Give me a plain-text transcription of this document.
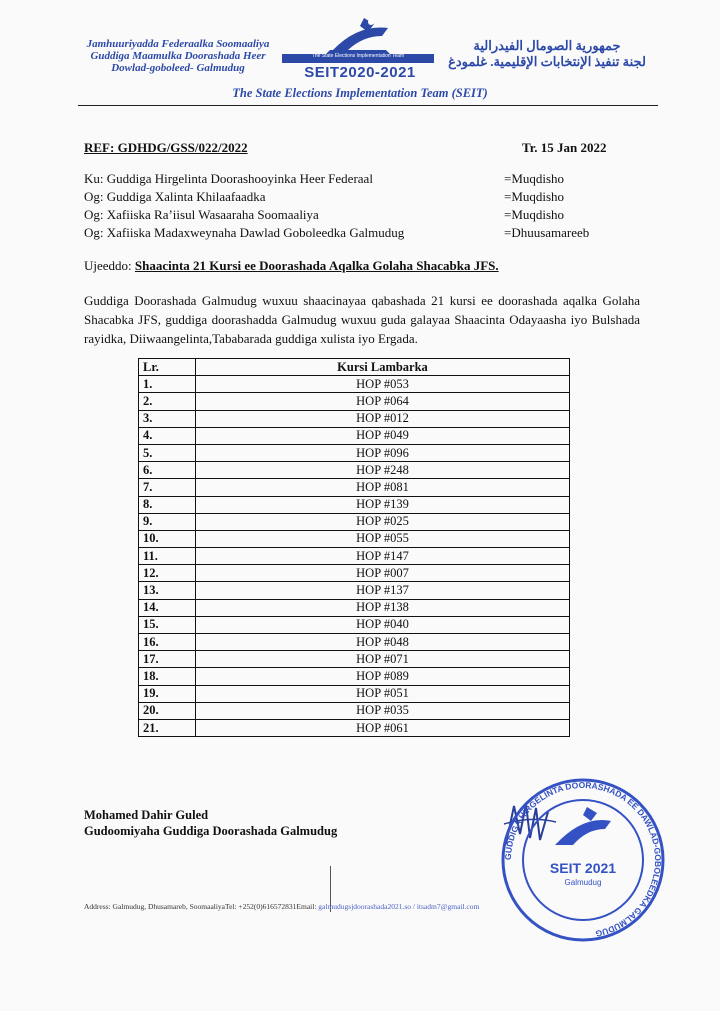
Jamhuuriyadda Federaalka Soomaaliya
Guddiga Maamulka Doorashada Heer
Dowlad-goboleed- Galmudug
The State Elections Implementation Team
SEIT2020-2021
جمهورية الصومال الفيدرالية
لجنة تنفيذ الإنتخابات الإقليمية. غلمودغ
The State Elections Implementation Team (SEIT)
REF: GDHDG/GSS/022/2022	Tr. 15 Jan 2022
Ku: Guddiga Hirgelinta Doorashooyinka Heer Federaal	=Muqdisho
Og: Guddiga Xalinta Khilaafaadka	=Muqdisho
Og: Xafiiska Ra’iisul Wasaaraha Soomaaliya	=Muqdisho
Og: Xafiiska Madaxweynaha Dawlad Goboleedka Galmudug	=Dhuusamareeb
Ujeeddo: Shaacinta 21 Kursi ee Doorashada Aqalka Golaha Shacabka JFS.
Guddiga Doorashada Galmudug wuxuu shaacinayaa qabashada 21 kursi ee doorashada aqalka Golaha Shacabka JFS, guddiga doorashadda Galmudug wuxuu guda galayaa Shaacinta Odayaasha iyo Bulshada rayidka, Diiwaangelinta,Tababarada guddiga xulista iyo Ergada.
Lr.	Kursi Lambarka
1.	HOP #053
2.	HOP #064
3.	HOP #012
4.	HOP #049
5.	HOP #096
6.	HOP #248
7.	HOP #081
8.	HOP #139
9.	HOP #025
10.	HOP #055
11.	HOP #147
12.	HOP #007
13.	HOP #137
14.	HOP #138
15.	HOP #040
16.	HOP #048
17.	HOP #071
18.	HOP #089
19.	HOP #051
20.	HOP #035
21.	HOP #061
Mohamed Dahir Guled
Gudoomiyaha Guddiga Doorashada Galmudug
GUDDIGA HIRGELINTA DOORASHADA EE DAWLAD-GOBOLEEDKA GALMUDUG
SEIT 2021
Galmudug
Address: Galmudug, Dhusamareb, SoomaaliyaTel: +252(0)616572831Email: galmudugsjdoorashada2021.so / itsadm7@gmail.com
